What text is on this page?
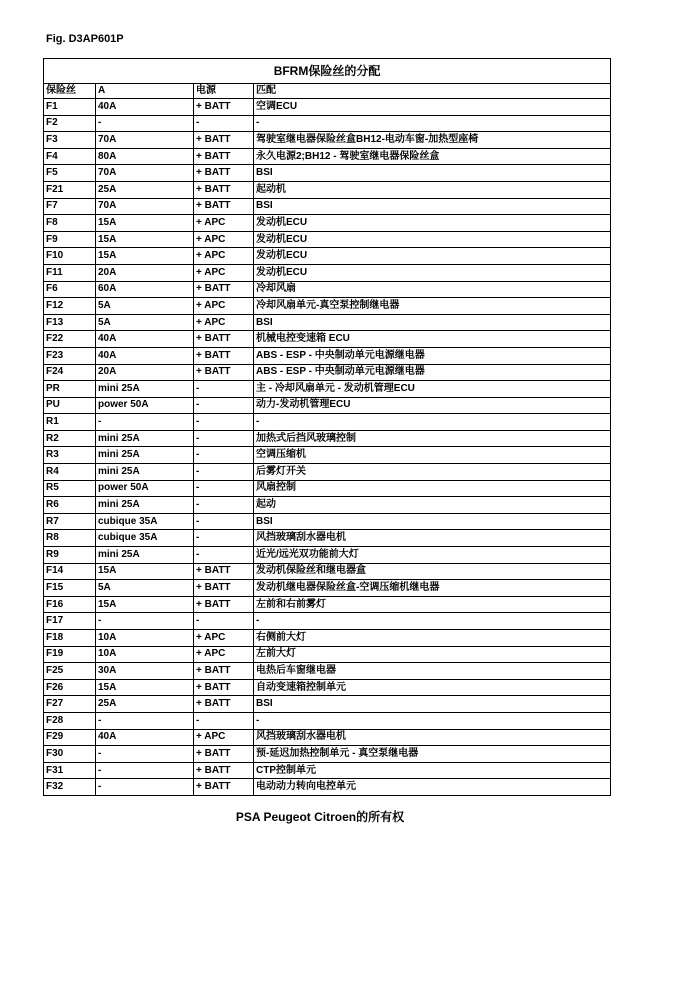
Fig. D3AP601P
BFRM保险丝的分配			
保险丝	A	电源	匹配
F1	40A	+ BATT	空调ECU
F2	-	-	-
F3	70A	+ BATT	驾驶室继电器保险丝盒BH12-电动车窗-加热型座椅
F4	80A	+ BATT	永久电源2;BH12 - 驾驶室继电器保险丝盒
F5	70A	+ BATT	BSI
F21	25A	+ BATT	起动机
F7	70A	+ BATT	BSI
F8	15A	+ APC	发动机ECU
F9	15A	+ APC	发动机ECU
F10	15A	+ APC	发动机ECU
F11	20A	+ APC	发动机ECU
F6	60A	+ BATT	冷却风扇
F12	5A	+ APC	冷却风扇单元-真空泵控制继电器
F13	5A	+ APC	BSI
F22	40A	+ BATT	机械电控变速箱 ECU
F23	40A	+ BATT	ABS - ESP - 中央制动单元电源继电器
F24	20A	+ BATT	ABS - ESP - 中央制动单元电源继电器
PR	mini 25A	-	主 - 冷却风扇单元 - 发动机管理ECU
PU	power 50A	-	动力-发动机管理ECU
R1	-	-	-
R2	mini 25A	-	加热式后挡风玻璃控制
R3	mini 25A	-	空调压缩机
R4	mini 25A	-	后雾灯开关
R5	power 50A	-	风扇控制
R6	mini 25A	-	起动
R7	cubique 35A	-	BSI
R8	cubique 35A	-	风挡玻璃刮水器电机
R9	mini 25A	-	近光/远光双功能前大灯
F14	15A	+ BATT	发动机保险丝和继电器盒
F15	5A	+ BATT	发动机继电器保险丝盒-空调压缩机继电器
F16	15A	+ BATT	左前和右前雾灯
F17	-	-	-
F18	10A	+ APC	右侧前大灯
F19	10A	+ APC	左前大灯
F25	30A	+ BATT	电热后车窗继电器
F26	15A	+ BATT	自动变速箱控制单元
F27	25A	+ BATT	BSI
F28	-	-	-
F29	40A	+ APC	风挡玻璃刮水器电机
F30	-	+ BATT	预-延迟加热控制单元 - 真空泵继电器
F31	-	+ BATT	CTP控制单元
F32	-	+ BATT	电动动力转向电控单元
PSA Peugeot Citroen的所有权
